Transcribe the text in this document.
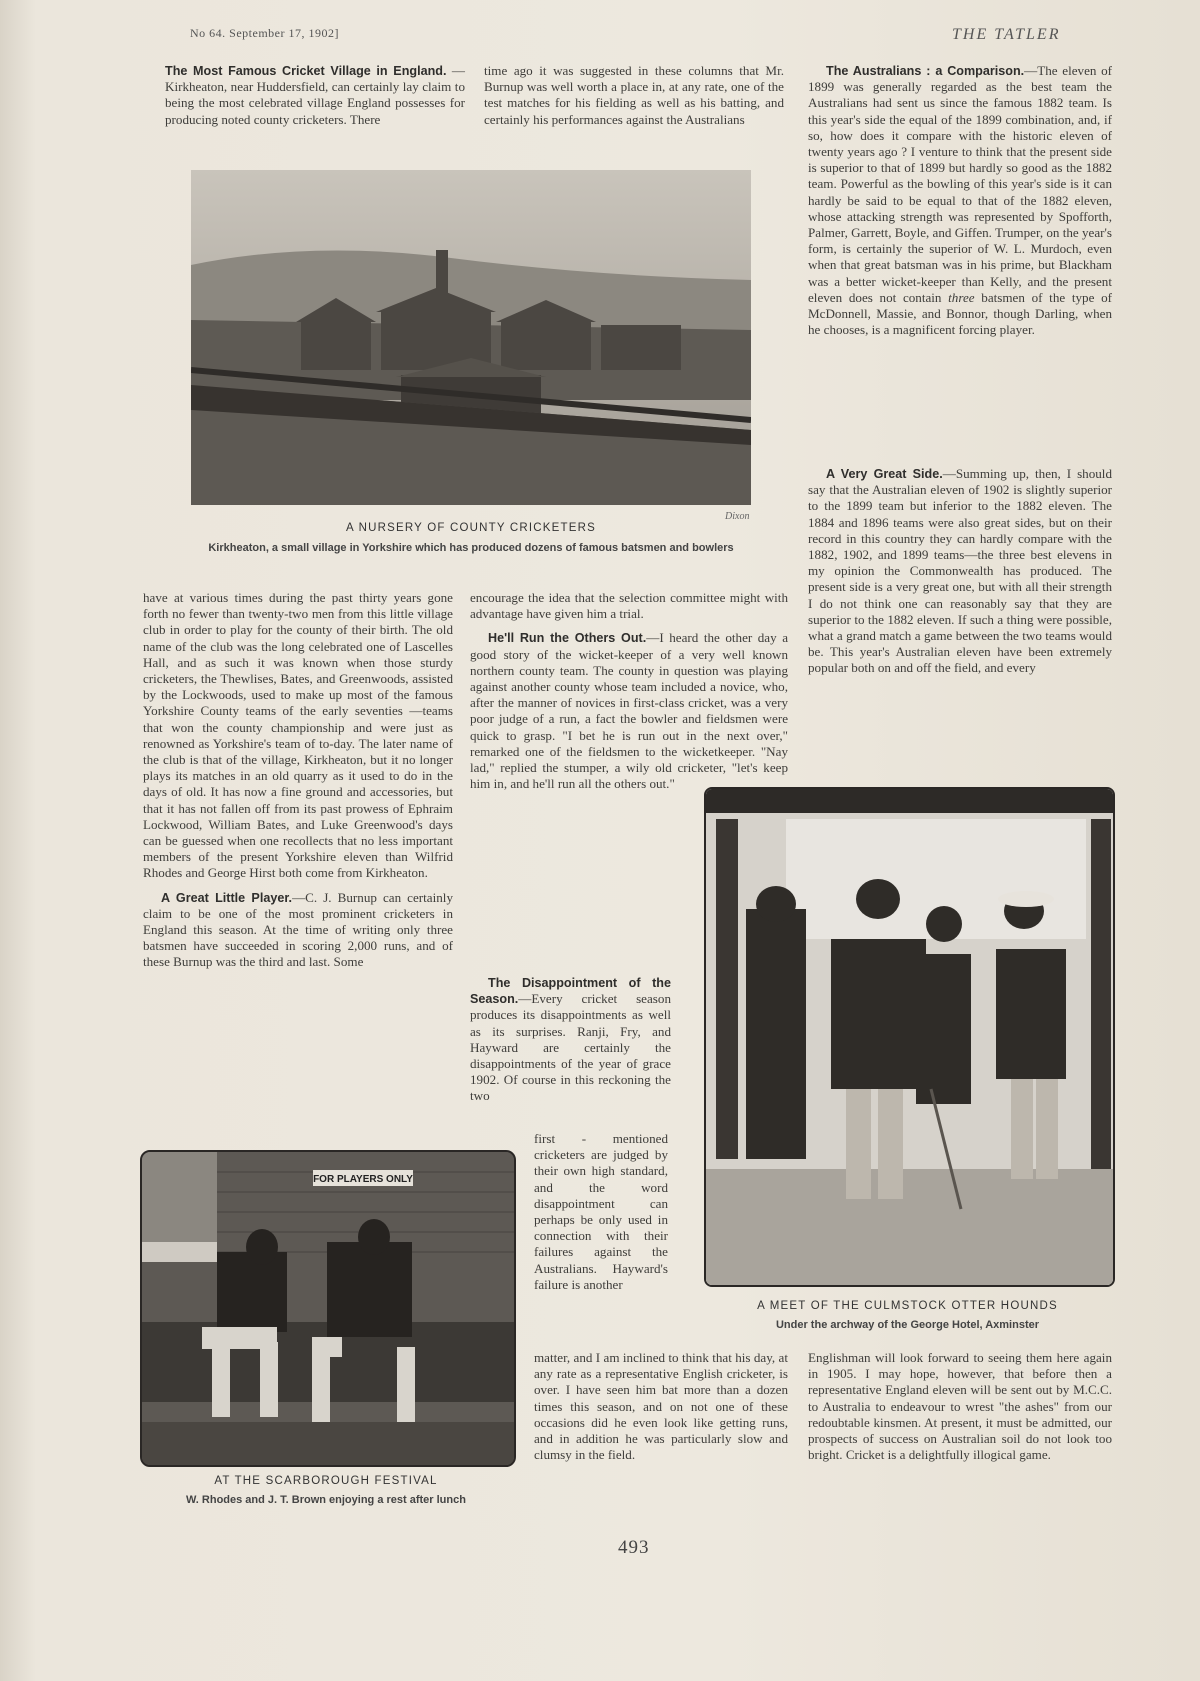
No 64. September 17, 1902]	THE TATLER

The Most Famous Cricket Village in England. — Kirkheaton, near Huddersfield, can certainly lay claim to being the most celebrated village England possesses for producing noted county cricketers. There

time ago it was suggested in these columns that Mr. Burnup was well worth a place in, at any rate, one of the test matches for his fielding as well as his batting, and certainly his performances against the Australians

The Australians : a Comparison.—The eleven of 1899 was generally regarded as the best team the Australians had sent us since the famous 1882 team. Is this year's side the equal of the 1899 combination, and, if so, how does it compare with the historic eleven of twenty years ago ? I venture to think that the present side is superior to that of 1899 but hardly so good as the 1882 team. Powerful as the bowling of this year's side is it can hardly be said to be equal to that of the 1882 eleven, whose attacking strength was represented by Spofforth, Palmer, Garrett, Boyle, and Giffen. Trumper, on the year's form, is certainly the superior of W. L. Murdoch, even when that great batsman was in his prime, but Blackham was a better wicket-keeper than Kelly, and the present eleven does not contain three batsmen of the type of McDonnell, Massie, and Bonnor, though Darling, when he chooses, is a magnificent forcing player.

Dixon
A NURSERY OF COUNTY CRICKETERS
Kirkheaton, a small village in Yorkshire which has produced dozens of famous batsmen and bowlers

have at various times during the past thirty years gone forth no fewer than twenty-two men from this little village club in order to play for the county of their birth. The old name of the club was the long celebrated one of Lascelles Hall, and as such it was known when those sturdy cricketers, the Thewlises, Bates, and Greenwoods, assisted by the Lockwoods, used to make up most of the famous Yorkshire County teams of the early seventies —teams that won the county championship and were just as renowned as Yorkshire's team of to-day. The later name of the club is that of the village, Kirkheaton, but it no longer plays its matches in an old quarry as it used to do in the days of old. It has now a fine ground and accessories, but that it has not fallen off from its past prowess of Ephraim Lockwood, William Bates, and Luke Greenwood's days can be guessed when one recollects that no less important members of the present Yorkshire eleven than Wilfrid Rhodes and George Hirst both come from Kirkheaton.

A Great Little Player.—C. J. Burnup can certainly claim to be one of the most prominent cricketers in England this season. At the time of writing only three batsmen have succeeded in scoring 2,000 runs, and of these Burnup was the third and last. Some

encourage the idea that the selection committee might with advantage have given him a trial.

He'll Run the Others Out.—I heard the other day a good story of the wicket-keeper of a very well known northern county team. The county in question was playing against another county whose team included a novice, who, after the manner of novices in first-class cricket, was a very poor judge of a run, a fact the bowler and fieldsmen were quick to grasp. "I bet he is run out in the next over," remarked one of the fieldsmen to the wicketkeeper. "Nay lad," replied the stumper, a wily old cricketer, "let's keep him in, and he'll run all the others out."

The Disappointment of the Season.—Every cricket season produces its disappointments as well as its surprises. Ranji, Fry, and Hayward are certainly the disappointments of the year of grace 1902. Of course in this reckoning the two

first - mentioned cricketers are judged by their own high standard, and the word disappointment can perhaps be only used in connection with their failures against the Australians. Hayward's failure is another

A Very Great Side.—Summing up, then, I should say that the Australian eleven of 1902 is slightly superior to the 1899 team but inferior to the 1882 eleven. The 1884 and 1896 teams were also great sides, but on their record in this country they can hardly compare with the 1882, 1902, and 1899 teams—the three best elevens in my opinion the Commonwealth has produced. The present side is a very great one, but with all their strength I do not think one can reasonably say that they are superior to the 1882 eleven. If such a thing were possible, what a grand match a game between the two teams would be. This year's Australian eleven have been extremely popular both on and off the field, and every

A MEET OF THE CULMSTOCK OTTER HOUNDS
Under the archway of the George Hotel, Axminster
FOR PLAYERS ONLY
AT THE SCARBOROUGH FESTIVAL
W. Rhodes and J. T. Brown enjoying a rest after lunch

matter, and I am inclined to think that his day, at any rate as a representative English cricketer, is over. I have seen him bat more than a dozen times this season, and on not one of these occasions did he even look like getting runs, and in addition he was particularly slow and clumsy in the field.

Englishman will look forward to seeing them here again in 1905. I may hope, however, that before then a representative England eleven will be sent out by M.C.C. to Australia to endeavour to wrest "the ashes" from our redoubtable kinsmen. At present, it must be admitted, our prospects of success on Australian soil do not look too bright. Cricket is a delightfully illogical game.

493
